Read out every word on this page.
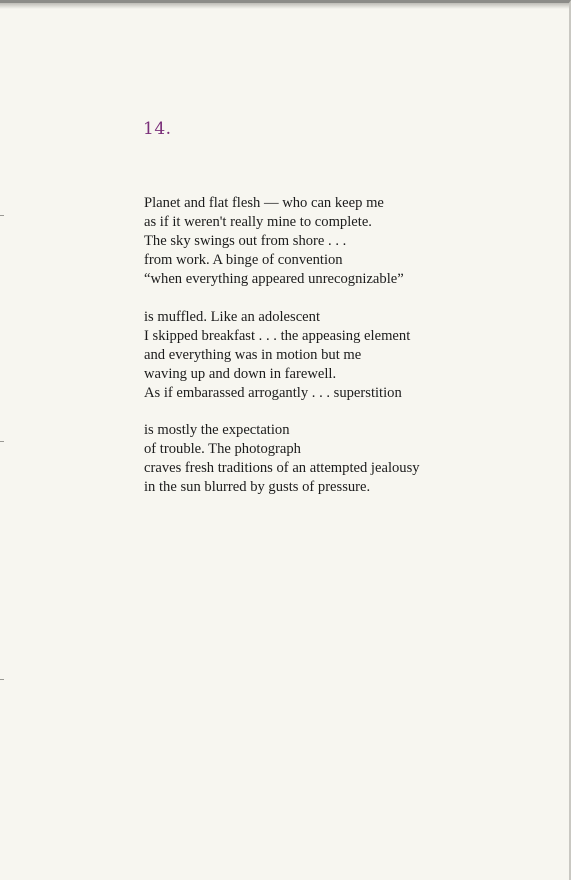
14.
Planet and flat flesh — who can keep me
as if it weren't really mine to complete.
The sky swings out from shore . . .
from work. A binge of convention
“when everything appeared unrecognizable”
is muffled. Like an adolescent
I skipped breakfast . . . the appeasing element
and everything was in motion but me
waving up and down in farewell.
As if embarassed arrogantly . . . superstition
is mostly the expectation
of trouble. The photograph
craves fresh traditions of an attempted jealousy
in the sun blurred by gusts of pressure.
